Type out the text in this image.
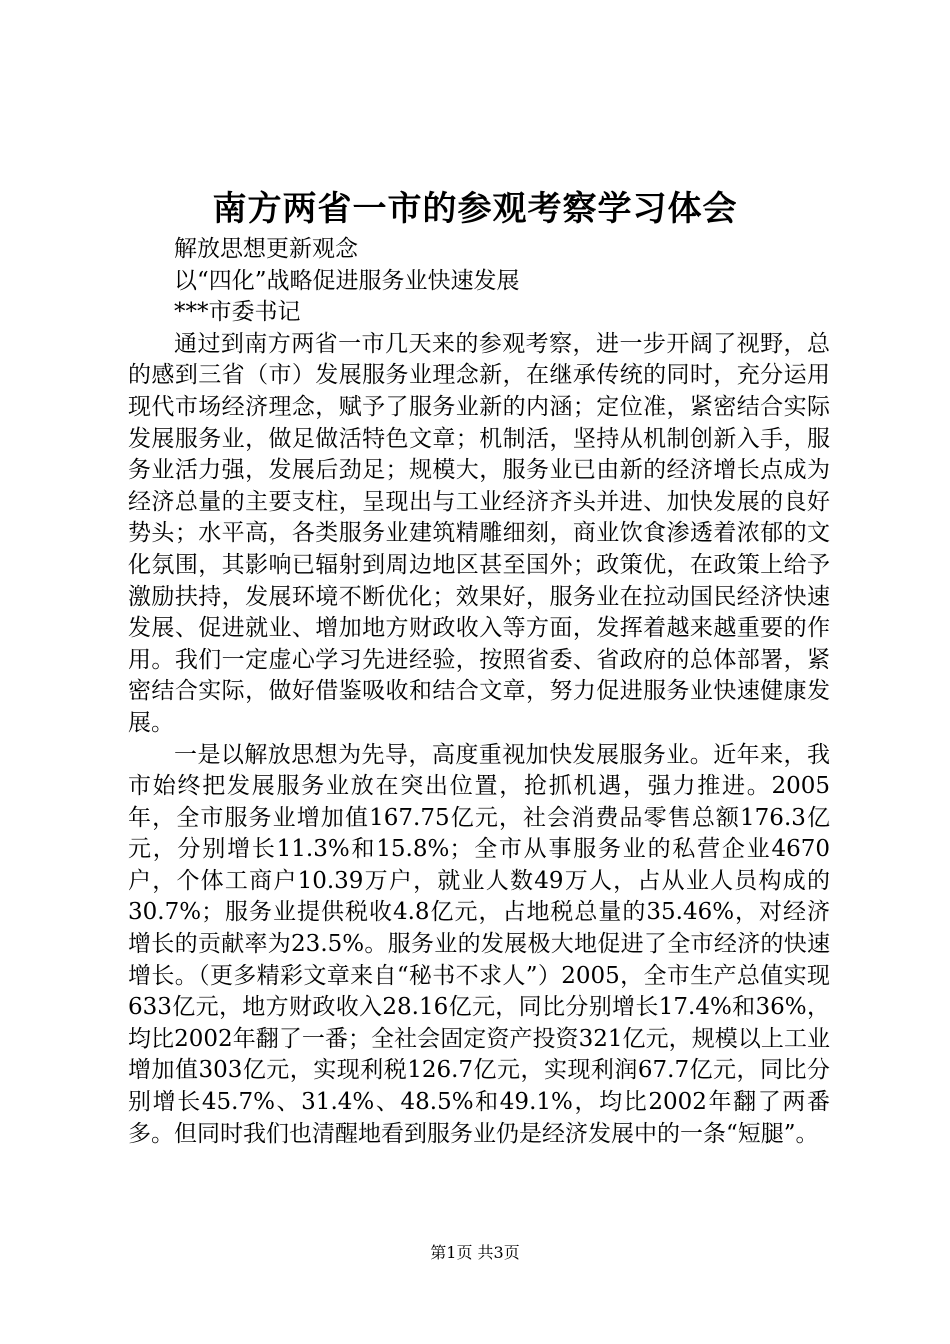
南方两省一市的参观考察学习体会

解放思想更新观念

以“四化”战略促进服务业快速发展

***市委书记

通过到南方两省一市几天来的参观考察，进一步开阔了视野，总的感到三省（市）发展服务业理念新，在继承传统的同时，充分运用现代市场经济理念，赋予了服务业新的内涵；定位准，紧密结合实际发展服务业，做足做活特色文章；机制活，坚持从机制创新入手，服务业活力强，发展后劲足；规模大，服务业已由新的经济增长点成为经济总量的主要支柱，呈现出与工业经济齐头并进、加快发展的良好势头；水平高，各类服务业建筑精雕细刻，商业饮食渗透着浓郁的文化氛围，其影响已辐射到周边地区甚至国外；政策优，在政策上给予激励扶持，发展环境不断优化；效果好，服务业在拉动国民经济快速发展、促进就业、增加地方财政收入等方面，发挥着越来越重要的作用。我们一定虚心学习先进经验，按照省委、省政府的总体部署，紧密结合实际，做好借鉴吸收和结合文章，努力促进服务业快速健康发展。

一是以解放思想为先导，高度重视加快发展服务业。近年来，我市始终把发展服务业放在突出位置，抢抓机遇，强力推进。2005年，全市服务业增加值167.75亿元，社会消费品零售总额176.3亿元，分别增长11.3%和15.8%；全市从事服务业的私营企业4670户，个体工商户10.39万户，就业人数49万人，占从业人员构成的30.7%；服务业提供税收4.8亿元，占地税总量的35.46%，对经济增长的贡献率为23.5%。服务业的发展极大地促进了全市经济的快速增长。（更多精彩文章来自“秘书不求人”）2005，全市生产总值实现633亿元，地方财政收入28.16亿元，同比分别增长17.4%和36%，均比2002年翻了一番；全社会固定资产投资321亿元，规模以上工业增加值303亿元，实现利税126.7亿元，实现利润67.7亿元，同比分别增长45.7%、31.4%、48.5%和49.1%，均比2002年翻了两番多。但同时我们也清醒地看到服务业仍是经济发展中的一条“短腿”。

第1页 共3页
